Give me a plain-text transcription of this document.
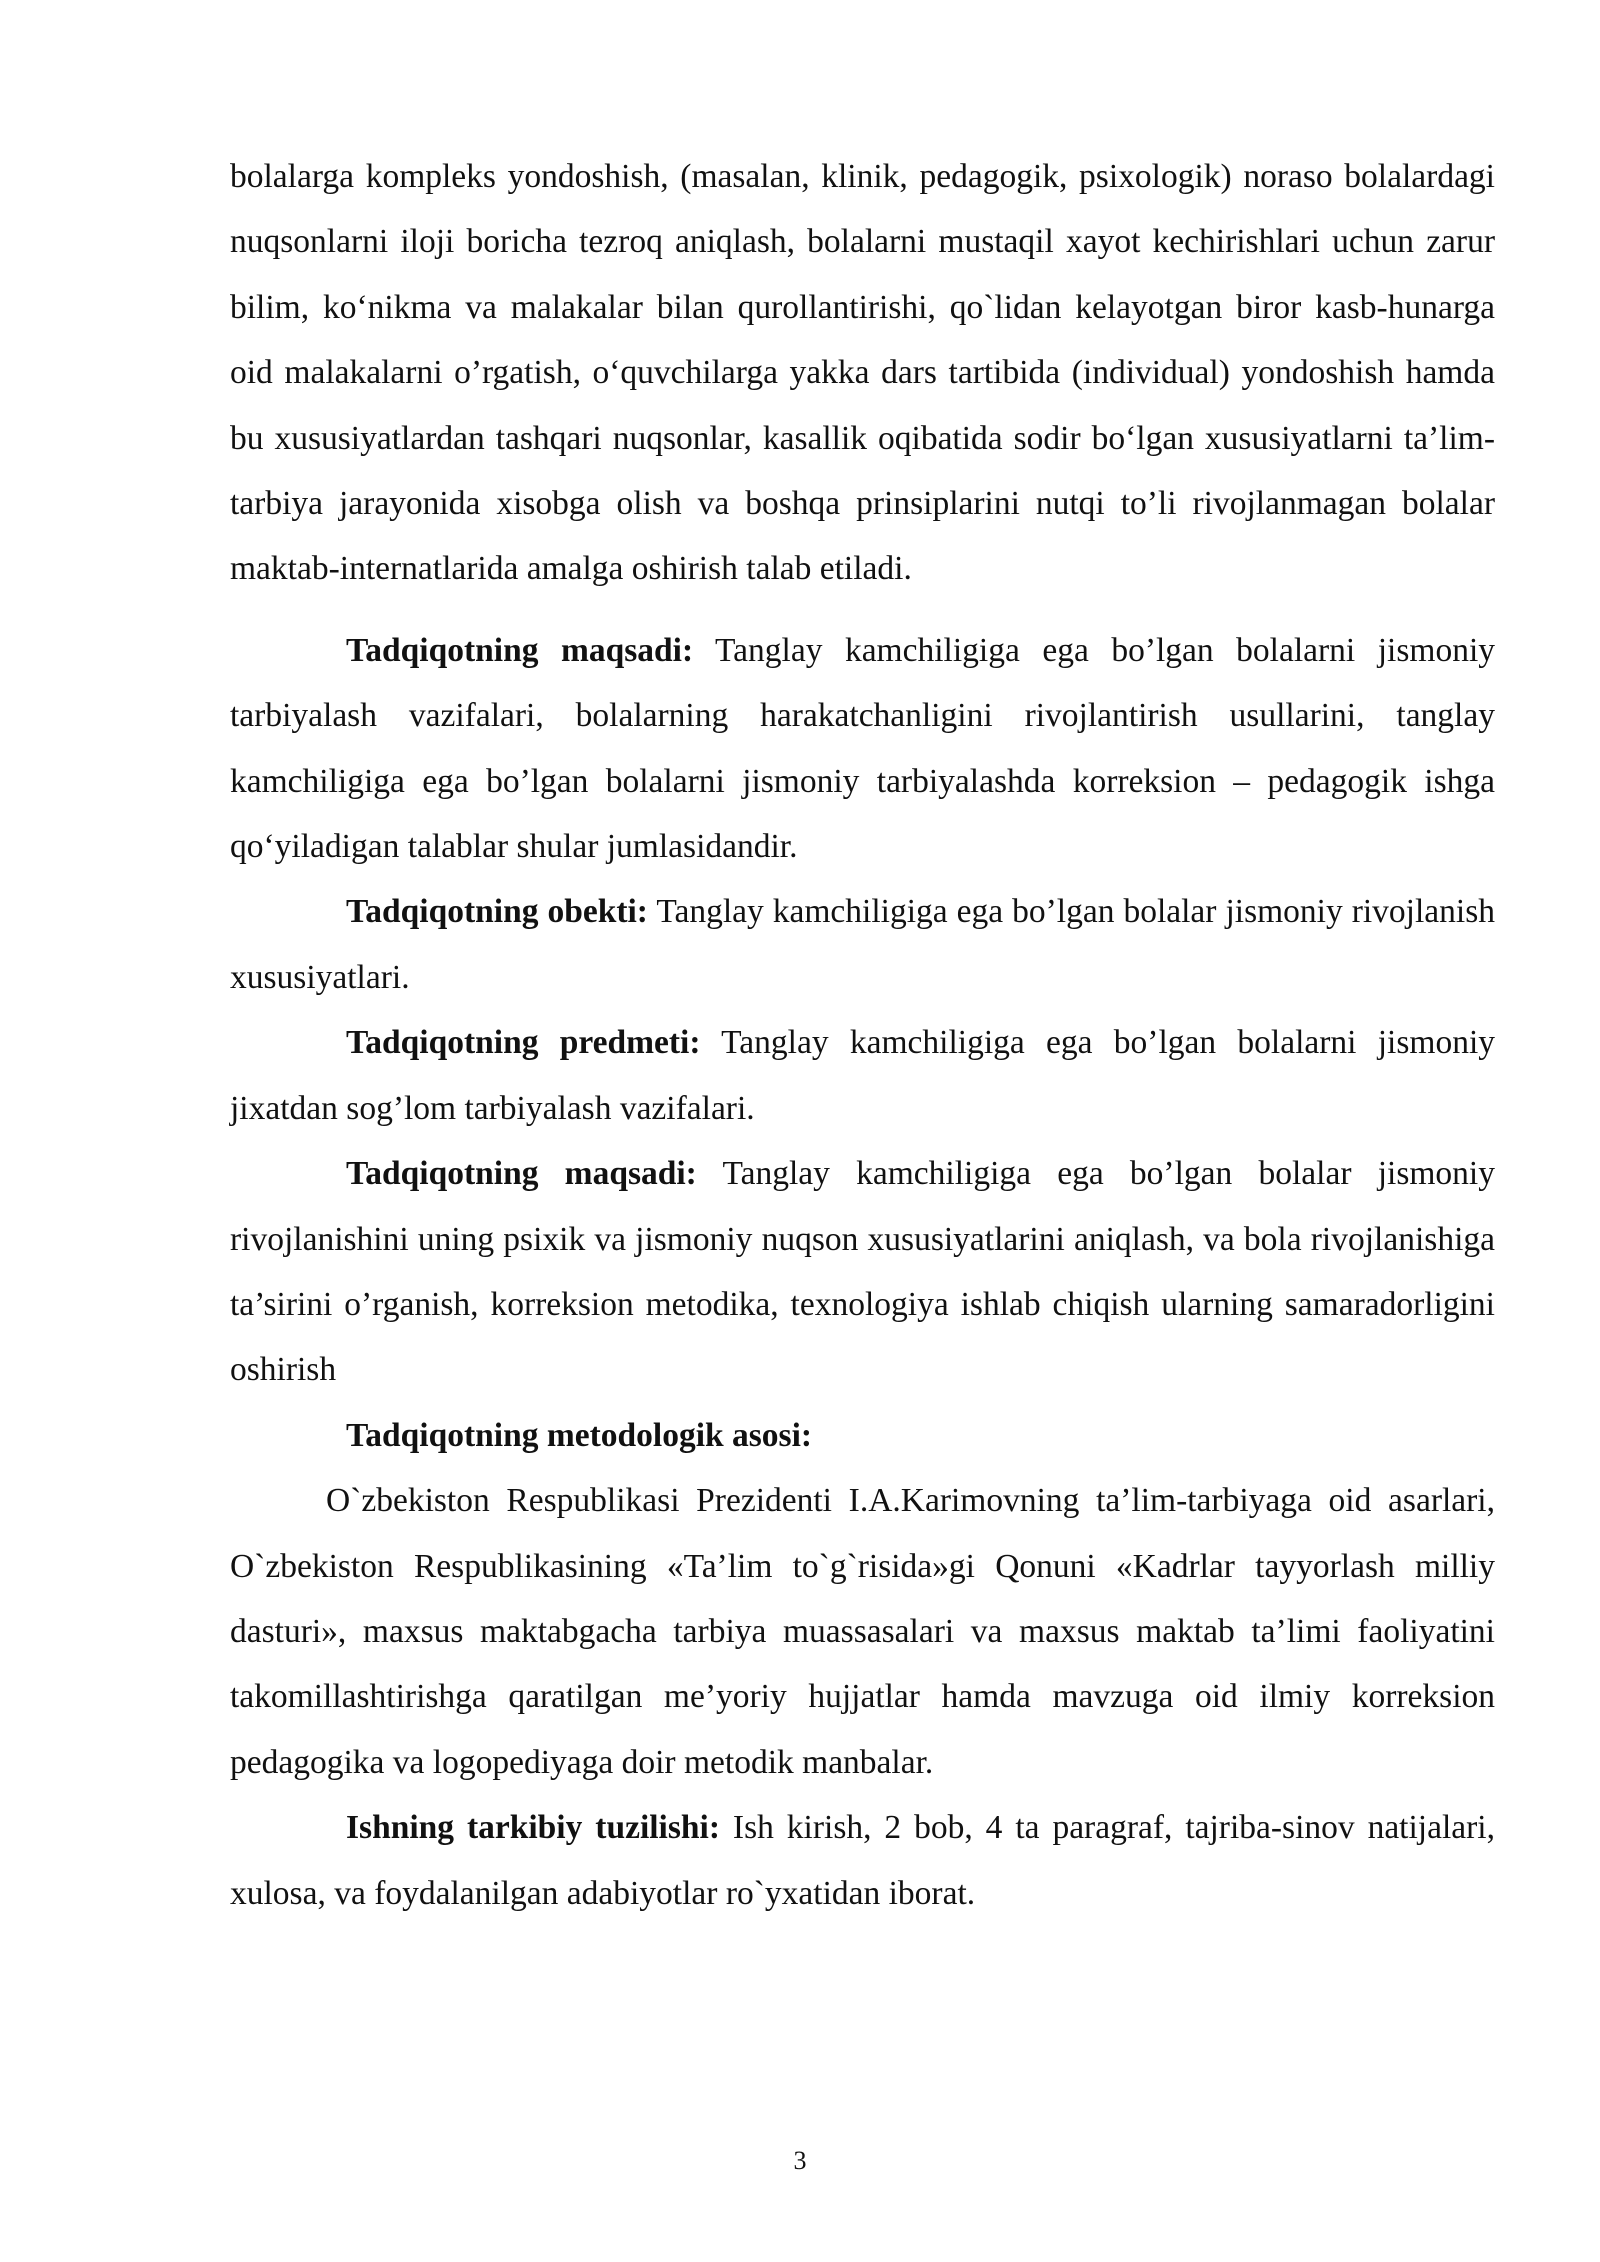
bolalarga kompleks yondoshish, (masalan, klinik, pedagogik, psixologik) noraso bolalardagi nuqsonlarni iloji boricha tezroq aniqlash, bolalarni mustaqil xayot kechirishlari uchun zarur bilim, ko‘nikma va malakalar bilan qurollantirishi, qo`lidan kelayotgan biror kasb-hunarga oid malakalarni o’rgatish, o‘quvchilarga yakka dars tartibida (individual) yondoshish hamda bu xususiyatlardan tashqari nuqsonlar, kasallik oqibatida sodir bo‘lgan xususiyatlarni ta’lim-tarbiya jarayonida xisobga olish va boshqa prinsiplarini nutqi to’li rivojlanmagan bolalar maktab-internatlarida amalga oshirish talab etiladi.

Tadqiqotning maqsadi: Tanglay kamchiligiga ega bo’lgan bolalarni jismoniy tarbiyalash vazifalari, bolalarning harakatchanligini rivojlantirish usullarini, tanglay kamchiligiga ega bo’lgan bolalarni jismoniy tarbiyalashda korreksion – pedagogik ishga qo‘yiladigan talablar shular jumlasidandir.

Tadqiqotning obekti: Tanglay kamchiligiga ega bo’lgan bolalar jismoniy rivojlanish xususiyatlari.

Tadqiqotning predmeti: Tanglay kamchiligiga ega bo’lgan bolalarni jismoniy jixatdan sog’lom tarbiyalash vazifalari.

Tadqiqotning maqsadi: Tanglay kamchiligiga ega bo’lgan bolalar jismoniy rivojlanishini uning psixik va jismoniy nuqson xususiyatlarini aniqlash, va bola rivojlanishiga ta’sirini o’rganish, korreksion metodika, texnologiya ishlab chiqish ularning samaradorligini oshirish

Tadqiqotning metodologik asosi:

O`zbekiston Respublikasi Prezidenti I.A.Karimovning ta’lim-tarbiyaga oid asarlari, O`zbekiston Respublikasining «Ta’lim to`g`risida»gi Qonuni «Kadrlar tayyorlash milliy dasturi», maxsus maktabgacha tarbiya muassasalari va maxsus maktab ta’limi faoliyatini takomillashtirishga qaratilgan me’yoriy hujjatlar hamda mavzuga oid ilmiy korreksion pedagogika va logopediyaga doir metodik manbalar.

Ishning tarkibiy tuzilishi: Ish kirish, 2 bob, 4 ta paragraf, tajriba-sinov natijalari, xulosa, va foydalanilgan adabiyotlar ro`yxatidan iborat.

3
